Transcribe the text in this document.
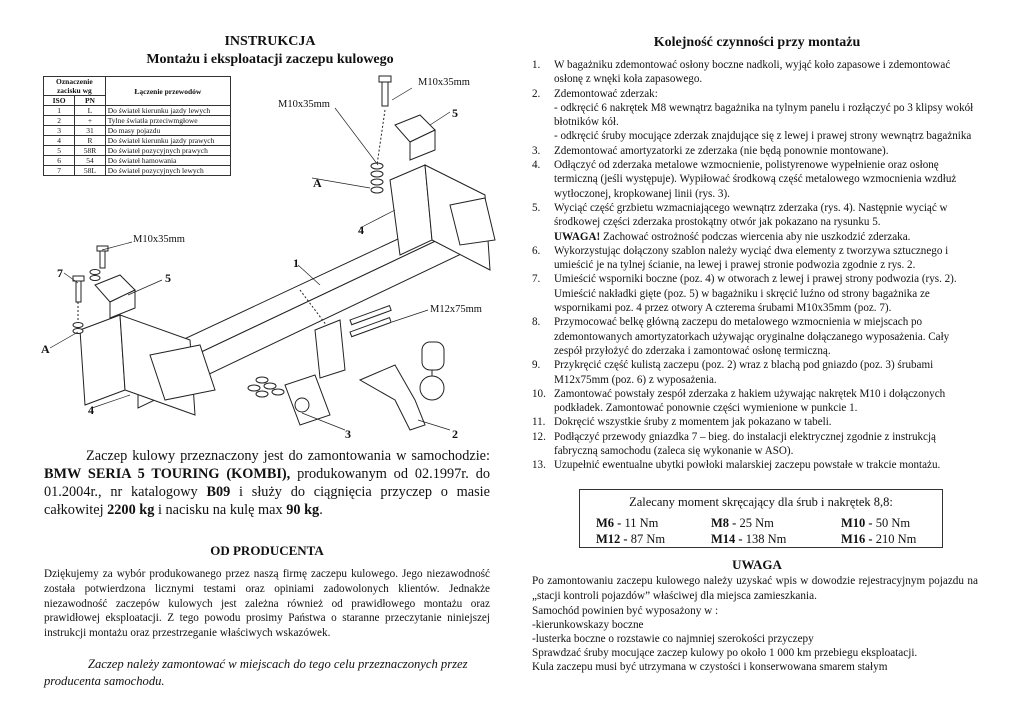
INSTRUKCJA
Montażu i eksploatacji zaczepu kulowego
Oznaczenie zacisku wg		Łączenie przewodów
ISO	PN	
1	L	Do świateł kierunku jazdy lewych
2	+	Tylne światła przeciwmgłowe
3	31	Do masy pojazdu
4	R	Do świateł kierunku jazdy prawych
5	58R	Do świateł pozycyjnych prawych
6	54	Do świateł hamowania
7	58L	Do świateł pozycyjnych lewych
M10x35mm
M10x35mm
5
A
4
M10x35mm
1
7	5
M12x75mm
A
4
3	2
Zaczep kulowy przeznaczony jest do zamontowania w samochodzie: BMW SERIA 5 TOURING (KOMBI), produkowanym od 02.1997r. do 01.2004r., nr katalogowy B09 i służy do ciągnięcia przyczep o masie całkowitej 2200 kg i nacisku na kulę max 90 kg.
OD PRODUCENTA
Dziękujemy za wybór produkowanego przez naszą firmę zaczepu kulowego. Jego niezawodność została potwierdzona licznymi testami oraz opiniami zadowolonych klientów. Jednakże niezawodność zaczepów kulowych jest zależna również od prawidłowego montażu oraz prawidłowej eksploatacji. Z tego powodu prosimy Państwa o staranne przeczytanie niniejszej instrukcji montażu oraz przestrzeganie właściwych wskazówek.
Zaczep należy zamontować w miejscach do tego celu przeznaczonych przez producenta samochodu.
Kolejność czynności przy montażu
1. W bagażniku zdemontować osłony boczne nadkoli, wyjąć koło zapasowe i zdemontować osłonę z wnęki koła zapasowego.
2. Zdemontować zderzak:
- odkręcić 6 nakrętek M8 wewnątrz bagażnika na tylnym panelu i rozłączyć po 3 klipsy wokół błotników kół.
- odkręcić śruby mocujące zderzak znajdujące się z lewej i prawej strony wewnątrz bagażnika
3. Zdemontować amortyzatorki ze zderzaka (nie będą ponownie montowane).
4. Odłączyć od zderzaka metalowe wzmocnienie, polistyrenowe wypełnienie oraz osłonę termiczną (jeśli występuje). Wypiłować środkową część metalowego wzmocnienia wzdłuż wytłoczonej, kropkowanej linii (rys. 3).
5. Wyciąć część grzbietu wzmacniającego wewnątrz zderzaka (rys. 4). Następnie wyciąć w środkowej części zderzaka prostokątny otwór jak pokazano na rysunku 5.
UWAGA! Zachować ostrożność podczas wiercenia aby nie uszkodzić zderzaka.
6. Wykorzystując dołączony szablon należy wyciąć dwa elementy z tworzywa sztucznego i umieścić je na tylnej ścianie, na lewej i prawej stronie podwozia zgodnie z rys. 2.
7. Umieścić wsporniki boczne (poz. 4) w otworach z lewej i prawej strony podwozia (rys. 2). Umieścić nakładki gięte (poz. 5) w bagażniku i skręcić luźno od strony bagażnika ze wspornikami poz. 4 przez otwory A czterema śrubami M10x35mm (poz. 7).
8. Przymocować belkę główną zaczepu do metalowego wzmocnienia w miejscach po zdemontowanych amortyzatorkach używając oryginalne dołączanego wyposażenia. Cały zespół przyłożyć do zderzaka i zamontować osłonę termiczną.
9. Przykręcić część kulistą zaczepu (poz. 2) wraz z blachą pod gniazdo (poz. 3) śrubami M12x75mm (poz. 6) z wyposażenia.
10. Zamontować powstały zespół zderzaka z hakiem używając nakrętek M10 i dołączonych podkładek. Zamontować ponownie części wymienione w punkcie 1.
11. Dokręcić wszystkie śruby z momentem jak pokazano w tabeli.
12. Podłączyć przewody gniazdka 7 – bieg. do instalacji elektrycznej zgodnie z instrukcją fabryczną samochodu (zaleca się wykonanie w ASO).
13. Uzupełnić ewentualne ubytki powłoki malarskiej zaczepu powstałe w trakcie montażu.
Zalecany moment skręcający dla śrub i nakrętek 8,8:
M6 - 11 Nm	M8 - 25 Nm	M10 - 50 Nm
M12 - 87 Nm	M14 - 138 Nm	M16 - 210 Nm
UWAGA
Po zamontowaniu zaczepu kulowego należy uzyskać wpis w dowodzie rejestracyjnym pojazdu na „stacji kontroli pojazdów” właściwej dla miejsca zamieszkania.
Samochód powinien być wyposażony w :
-kierunkowskazy boczne
-lusterka boczne o rozstawie co najmniej szerokości przyczepy
Sprawdzać śruby mocujące zaczep kulowy po około 1 000 km przebiegu eksploatacji.
Kula zaczepu musi być utrzymana w czystości i konserwowana smarem stałym
